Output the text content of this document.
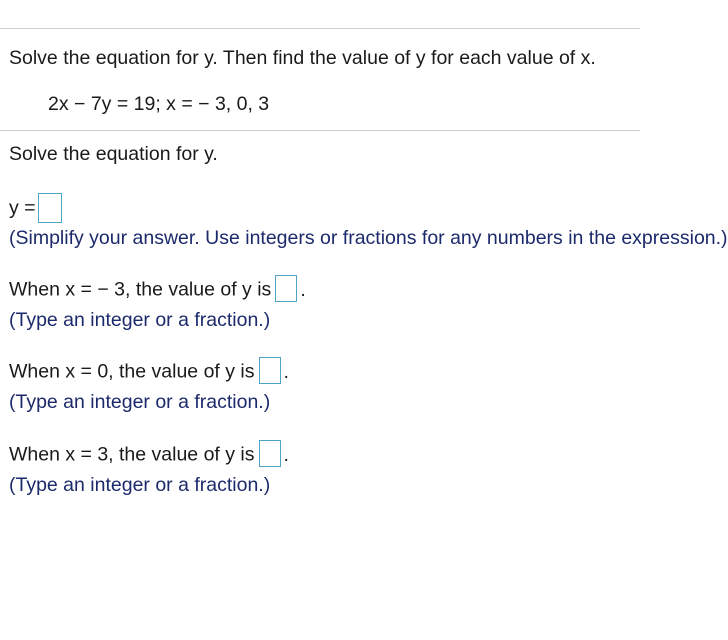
Solve the equation for y. Then find the value of y for each value of x.
2x − 7y = 19; x = − 3, 0, 3
Solve the equation for y.
y =
(Simplify your answer. Use integers or fractions for any numbers in the expression.)
When x = − 3, the value of y is .
(Type an integer or a fraction.)
When x = 0, the value of y is .
(Type an integer or a fraction.)
When x = 3, the value of y is .
(Type an integer or a fraction.)
